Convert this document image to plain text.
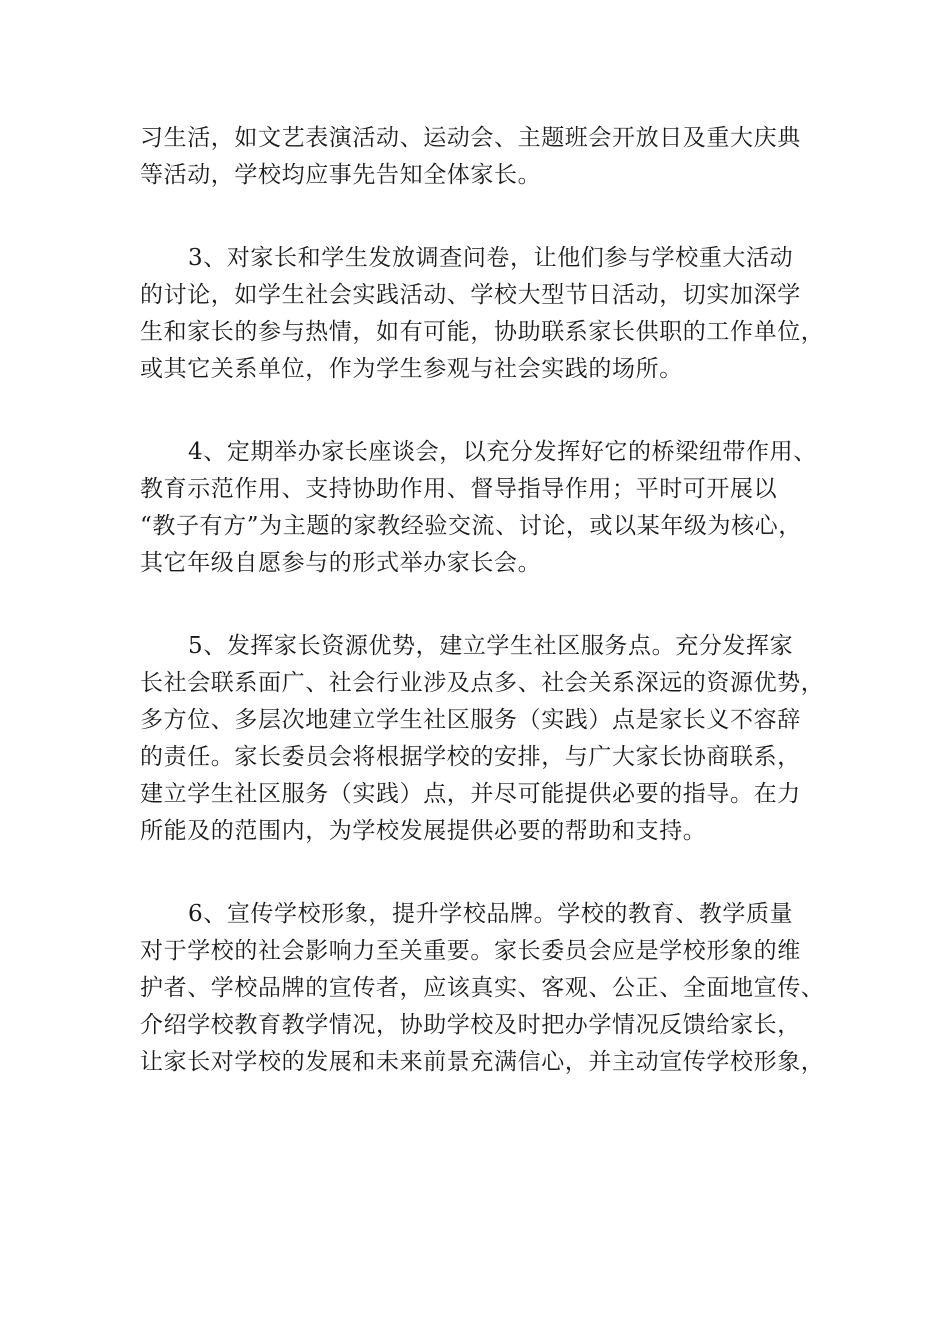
习生活，如文艺表演活动、运动会、主题班会开放日及重大庆典
等活动，学校均应事先告知全体家长。
3、对家长和学生发放调查问卷，让他们参与学校重大活动
的讨论，如学生社会实践活动、学校大型节日活动，切实加深学
生和家长的参与热情，如有可能，协助联系家长供职的工作单位，
或其它关系单位，作为学生参观与社会实践的场所。
4、定期举办家长座谈会，以充分发挥好它的桥梁纽带作用、
教育示范作用、支持协助作用、督导指导作用；平时可开展以
“教子有方”为主题的家教经验交流、讨论，或以某年级为核心，
其它年级自愿参与的形式举办家长会。
5、发挥家长资源优势，建立学生社区服务点。充分发挥家
长社会联系面广、社会行业涉及点多、社会关系深远的资源优势，
多方位、多层次地建立学生社区服务（实践）点是家长义不容辞
的责任。家长委员会将根据学校的安排，与广大家长协商联系，
建立学生社区服务（实践）点，并尽可能提供必要的指导。在力
所能及的范围内，为学校发展提供必要的帮助和支持。
6、宣传学校形象，提升学校品牌。学校的教育、教学质量
对于学校的社会影响力至关重要。家长委员会应是学校形象的维
护者、学校品牌的宣传者，应该真实、客观、公正、全面地宣传、
介绍学校教育教学情况，协助学校及时把办学情况反馈给家长，
让家长对学校的发展和未来前景充满信心，并主动宣传学校形象，
